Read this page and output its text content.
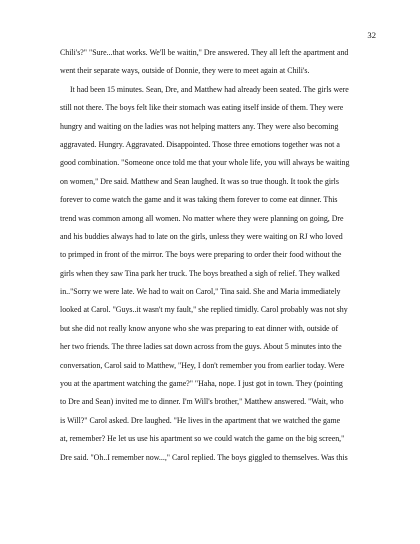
32
Chili's?" "Sure...that works. We'll be waitin," Dre answered. They all left the apartment and
went their separate ways, outside of Donnie, they were to meet again at Chili's.
It had been 15 minutes. Sean, Dre, and Matthew had already been seated. The girls were
still not there. The boys felt like their stomach was eating itself inside of them. They were
hungry and waiting on the ladies was not helping matters any. They were also becoming
aggravated. Hungry. Aggravated. Disappointed. Those three emotions together was not a
good combination. "Someone once told me that your whole life, you will always be waiting
on women," Dre said. Matthew and Sean laughed. It was so true though. It took the girls
forever to come watch the game and it was taking them forever to come eat dinner. This
trend was common among all women. No matter where they were planning on going, Dre
and his buddies always had to late on the girls, unless they were waiting on RJ who loved
to primped in front of the mirror. The boys were preparing to order their food without the
girls when they saw Tina park her truck. The boys breathed a sigh of relief. They walked
in.."Sorry we were late. We had to wait on Carol," Tina said. She and Maria immediately
looked at Carol. "Guys..it wasn't my fault," she replied timidly. Carol probably was not shy
but she did not really know anyone who she was preparing to eat dinner with, outside of
her two friends. The three ladies sat down across from the guys. About 5 minutes into the
conversation, Carol said to Matthew, "Hey, I don't remember you from earlier today. Were
you at the apartment watching the game?" "Haha, nope. I just got in town. They (pointing
to Dre and Sean) invited me to dinner. I'm Will's brother," Matthew answered. "Wait, who
is Will?" Carol asked. Dre laughed. "He lives in the apartment that we watched the game
at, remember? He let us use his apartment so we could watch the game on the big screen,"
Dre said. "Oh..I remember now...," Carol replied. The boys giggled to themselves. Was this
